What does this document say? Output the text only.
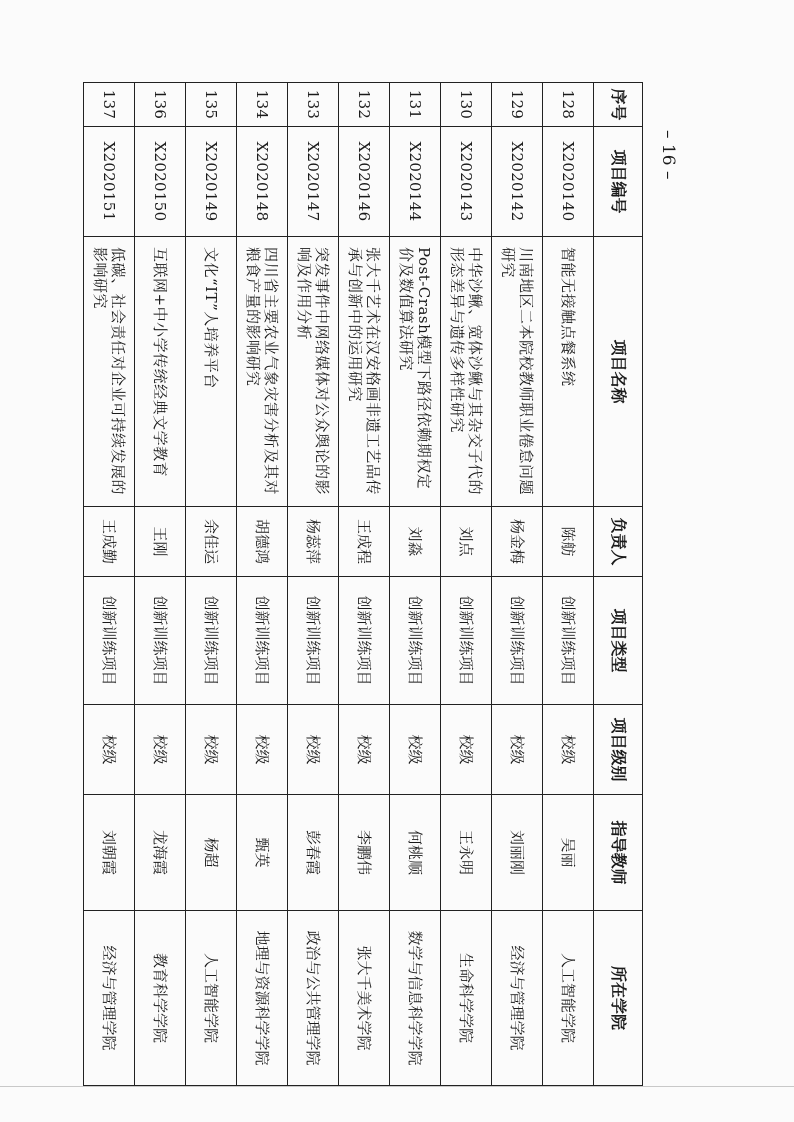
序号	项目编号	项目名称	负责人	项目类型	项目级别	指导教师	所在学院
128	X2020140	智能无接触点餐系统	陈舫	创新训练项目	校级	吴丽	人工智能学院
129	X2020142	川南地区二本院校教师职业倦怠问题研究	杨金梅	创新训练项目	校级	刘丽刚	经济与管理学院
130	X2020143	中华沙鳅、宽体沙鳅与其杂交子代的形态差异与遗传多样性研究	刘点	创新训练项目	校级	王永明	生命科学学院
131	X2020144	Post-Crash模型下路径依赖期权定价及数值算法研究	刘淼	创新训练项目	校级	何桃顺	数学与信息科学学院
132	X2020146	张大千艺术在汉安格画非遗工艺品传承与创新中的运用研究	王成程	创新训练项目	校级	李鹏伟	张大千美术学院
133	X2020147	突发事件中网络媒体对公众舆论的影响及作用分析	杨蕊萍	创新训练项目	校级	彭春霞	政治与公共管理学院
134	X2020148	四川省主要农业气象灾害分析及其对粮食产量的影响研究	胡德鸿	创新训练项目	校级	甄英	地理与资源科学学院
135	X2020149	文化“IT”人培养平台	余佳运	创新训练项目	校级	杨超	人工智能学院
136	X2020150	互联网+中小学传统经典文学教育	王刚	创新训练项目	校级	龙海霞	教育科学学院
137	X2020151	低碳、社会责任对企业可持续发展的影响研究	王成勤	创新训练项目	校级	刘朝霞	经济与管理学院
– 16 –
